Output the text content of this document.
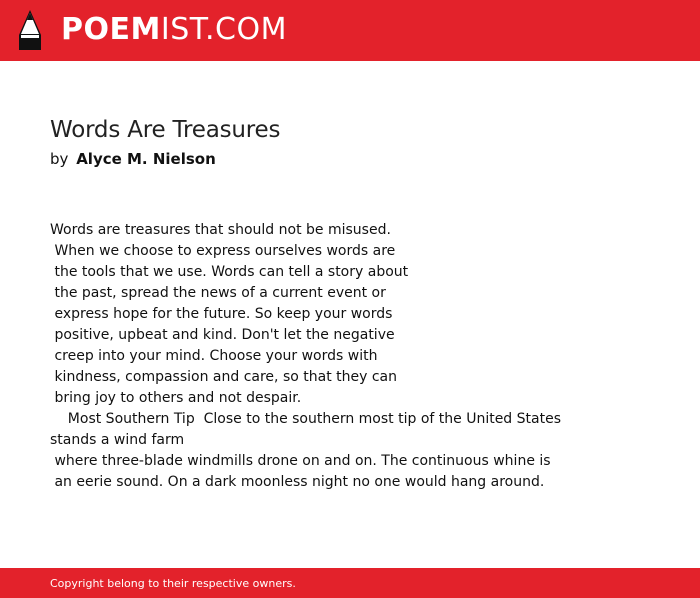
POEMIST.COM
Words Are Treasures
by Alyce M. Nielson
Words are treasures that should not be misused.
When we choose to express ourselves words are
the tools that we use. Words can tell a story about
the past, spread the news of a current event or
express hope for the future. So keep your words
positive, upbeat and kind. Don't let the negative
creep into your mind. Choose your words with
kindness, compassion and care, so that they can
bring joy to others and not despair.
Most Southern Tip  Close to the southern most tip of the United States
stands a wind farm
where three-blade windmills drone on and on. The continuous whine is
an eerie sound. On a dark moonless night no one would hang around.
Copyright belong to their respective owners.
